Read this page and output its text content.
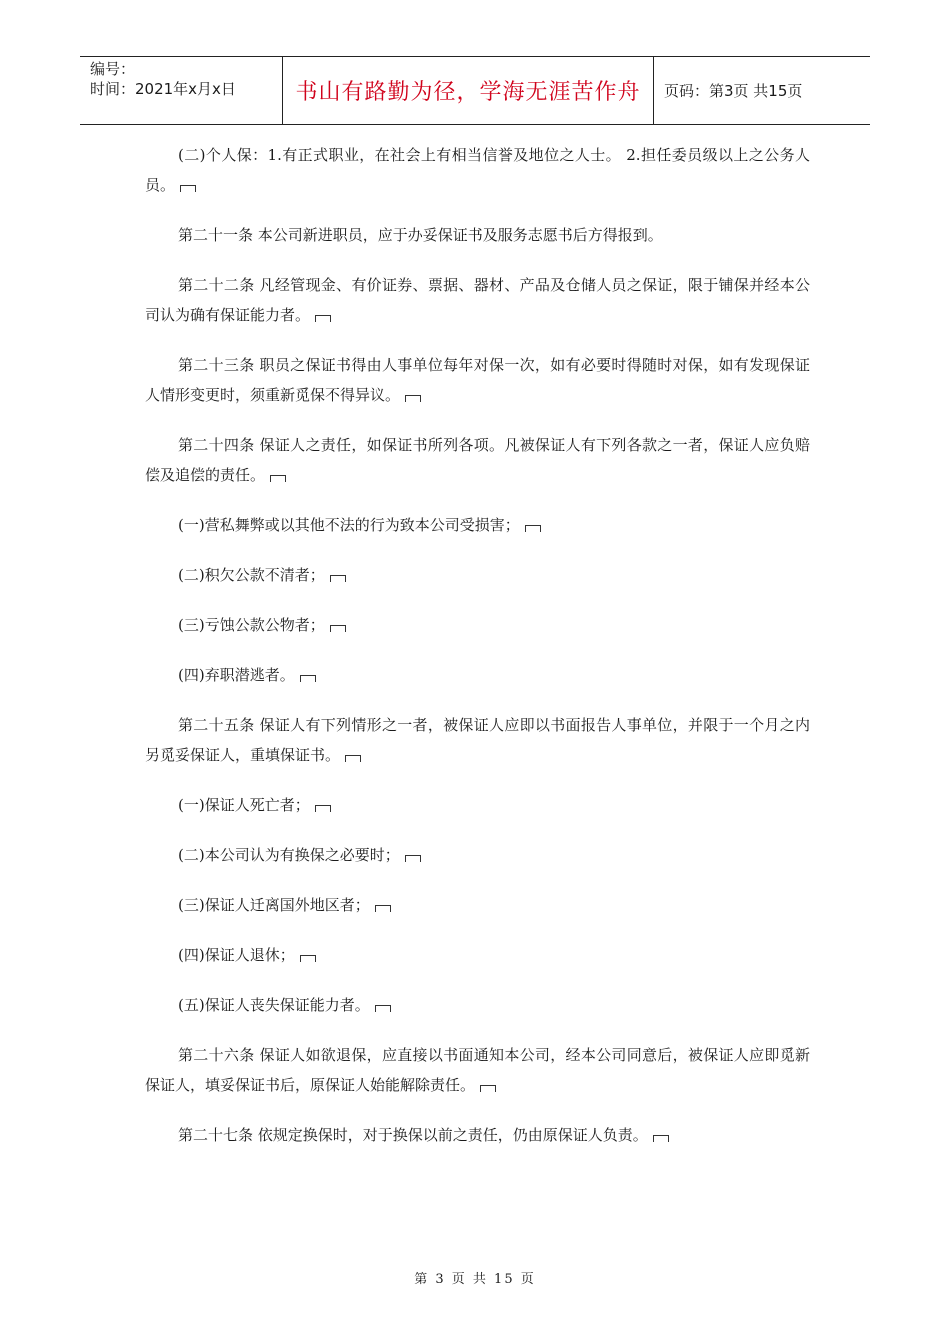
编号：
时间：2021年x月x日	书山有路勤为径，学海无涯苦作舟	页码：第3页 共15页

(二)个人保：1.有正式职业，在社会上有相当信誉及地位之人士。 2.担任委员级以上之公务人员。

第二十一条 本公司新进职员，应于办妥保证书及服务志愿书后方得报到。

第二十二条 凡经管现金、有价证券、票据、器材、产品及仓储人员之保证，限于铺保并经本公司认为确有保证能力者。

第二十三条 职员之保证书得由人事单位每年对保一次，如有必要时得随时对保，如有发现保证人情形变更时，须重新觅保不得异议。

第二十四条 保证人之责任，如保证书所列各项。凡被保证人有下列各款之一者，保证人应负赔偿及追偿的责任。

(一)营私舞弊或以其他不法的行为致本公司受损害；

(二)积欠公款不清者；

(三)亏蚀公款公物者；

(四)弃职潜逃者。

第二十五条 保证人有下列情形之一者，被保证人应即以书面报告人事单位，并限于一个月之内另觅妥保证人，重填保证书。

(一)保证人死亡者；

(二)本公司认为有换保之必要时；

(三)保证人迁离国外地区者；

(四)保证人退休；

(五)保证人丧失保证能力者。

第二十六条 保证人如欲退保，应直接以书面通知本公司，经本公司同意后，被保证人应即觅新保证人，填妥保证书后，原保证人始能解除责任。

第二十七条 依规定换保时，对于换保以前之责任，仍由原保证人负责。

第 3 页 共 15 页
